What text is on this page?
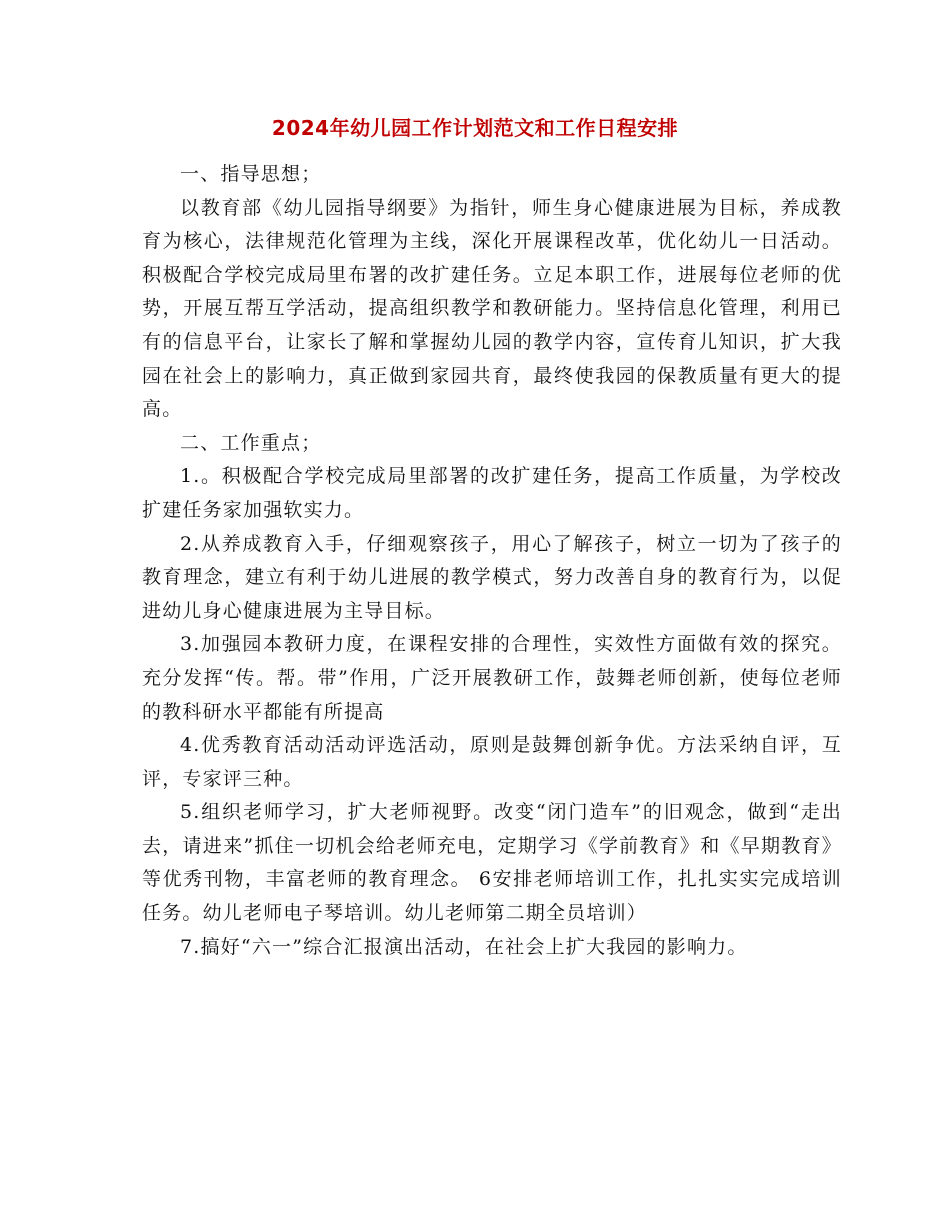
2024年幼儿园工作计划范文和工作日程安排

一、指导思想；

以教育部《幼儿园指导纲要》为指针，师生身心健康进展为目标，养成教育为核心，法律规范化管理为主线，深化开展课程改革，优化幼儿一日活动。积极配合学校完成局里布署的改扩建任务。立足本职工作，进展每位老师的优势，开展互帮互学活动，提高组织教学和教研能力。坚持信息化管理，利用已有的信息平台，让家长了解和掌握幼儿园的教学内容，宣传育儿知识，扩大我园在社会上的影响力，真正做到家园共育，最终使我园的保教质量有更大的提高。

二、工作重点；

1.。积极配合学校完成局里部署的改扩建任务，提高工作质量，为学校改扩建任务家加强软实力。

2.从养成教育入手，仔细观察孩子，用心了解孩子，树立一切为了孩子的教育理念，建立有利于幼儿进展的教学模式，努力改善自身的教育行为，以促进幼儿身心健康进展为主导目标。

3.加强园本教研力度，在课程安排的合理性，实效性方面做有效的探究。充分发挥“传。帮。带”作用，广泛开展教研工作，鼓舞老师创新，使每位老师的教科研水平都能有所提高

4.优秀教育活动活动评选活动，原则是鼓舞创新争优。方法采纳自评，互评，专家评三种。

5.组织老师学习，扩大老师视野。改变“闭门造车”的旧观念，做到“走出去，请进来”抓住一切机会给老师充电，定期学习《学前教育》和《早期教育》等优秀刊物，丰富老师的教育理念。 6安排老师培训工作，扎扎实实完成培训任务。幼儿老师电子琴培训。幼儿老师第二期全员培训）

7.搞好“六一”综合汇报演出活动，在社会上扩大我园的影响力。
